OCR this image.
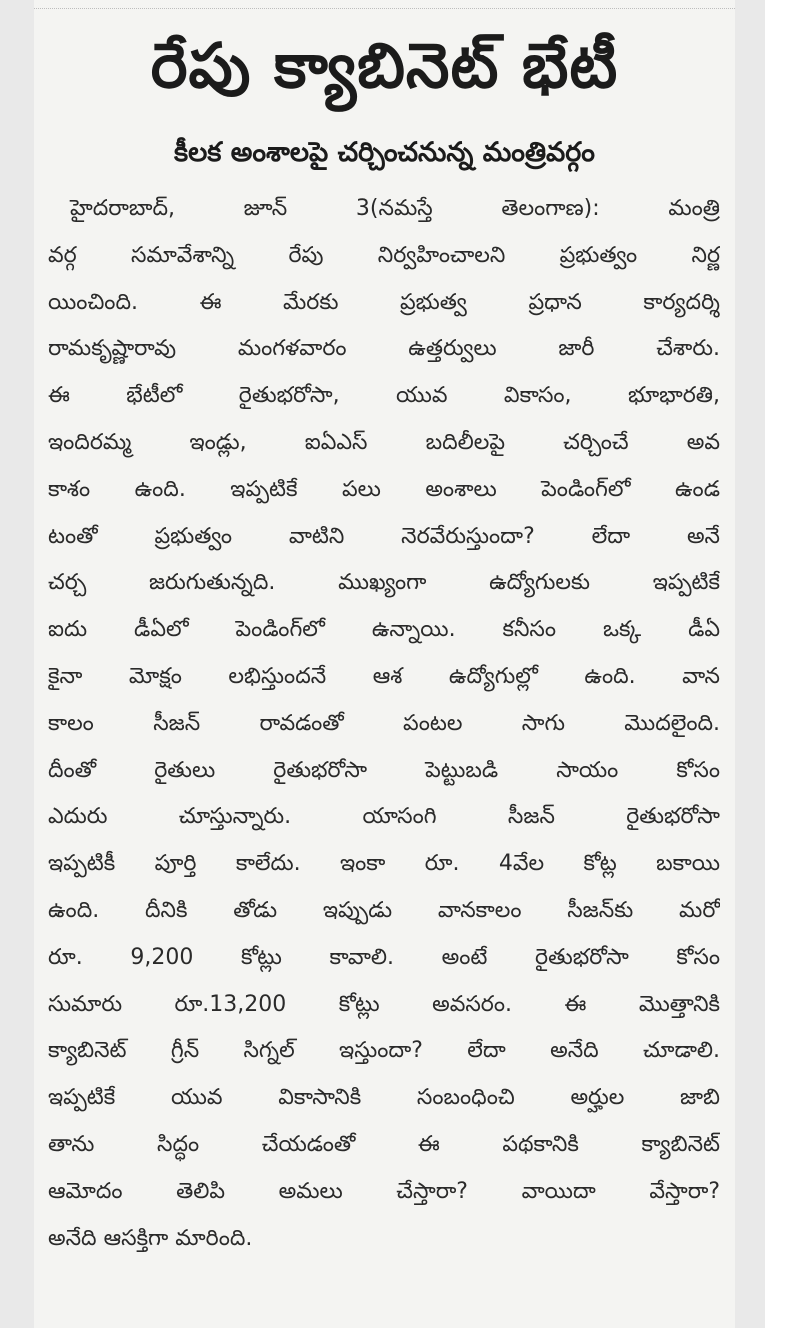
రేపు క్యాబినెట్ భేటీ
కీలక అంశాలపై చర్చించనున్న మంత్రివర్గం
హైదరాబాద్, జూన్ 3(నమస్తే తెలంగాణ): మంత్రి
వర్గ సమావేశాన్ని రేపు నిర్వహించాలని ప్రభుత్వం నిర్ణ
యించింది. ఈ మేరకు ప్రభుత్వ ప్రధాన కార్యదర్శి
రామకృష్ణారావు మంగళవారం ఉత్తర్వులు జారీ చేశారు.
ఈ భేటీలో రైతుభరోసా, యువ వికాసం, భూభారతి,
ఇందిరమ్మ ఇండ్లు, ఐఏఎస్ బదిలీలపై చర్చించే అవ
కాశం ఉంది. ఇప్పటికే పలు అంశాలు పెండింగ్‌లో ఉండ
టంతో ప్రభుత్వం వాటిని నెరవేరుస్తుందా? లేదా అనే
చర్చ జరుగుతున్నది. ముఖ్యంగా ఉద్యోగులకు ఇప్పటికే
ఐదు డీఏలో పెండింగ్‌లో ఉన్నాయి. కనీసం ఒక్క డీఏ
కైనా మోక్షం లభిస్తుందనే ఆశ ఉద్యోగుల్లో ఉంది. వాన
కాలం సీజన్ రావడంతో పంటల సాగు మొదలైంది.
దీంతో రైతులు రైతుభరోసా పెట్టుబడి సాయం కోసం
ఎదురు చూస్తున్నారు. యాసంగి సీజన్ రైతుభరోసా
ఇప్పటికీ పూర్తి కాలేదు. ఇంకా రూ. 4వేల కోట్ల బకాయి
ఉంది. దీనికి తోడు ఇప్పుడు వానకాలం సీజన్‌కు మరో
రూ. 9,200 కోట్లు కావాలి. అంటే రైతుభరోసా కోసం
సుమారు రూ.13,200 కోట్లు అవసరం. ఈ మొత్తానికి
క్యాబినెట్ గ్రీన్ సిగ్నల్ ఇస్తుందా? లేదా అనేది చూడాలి.
ఇప్పటికే యువ వికాసానికి సంబంధించి అర్హుల జాబి
తాను సిద్ధం చేయడంతో ఈ పథకానికి క్యాబినెట్
ఆమోదం తెలిపి అమలు చేస్తారా? వాయిదా వేస్తారా?
అనేది ఆసక్తిగా మారింది.
